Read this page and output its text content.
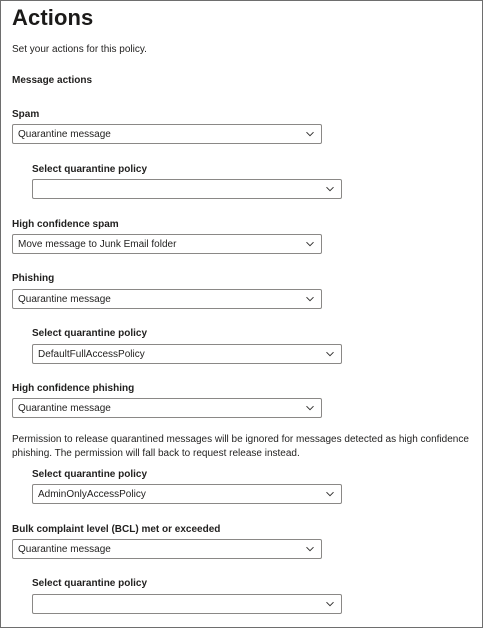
Actions
Set your actions for this policy.
Message actions
Spam
Quarantine message
Select quarantine policy
High confidence spam
Move message to Junk Email folder
Phishing
Quarantine message
Select quarantine policy
DefaultFullAccessPolicy
High confidence phishing
Quarantine message
Permission to release quarantined messages will be ignored for messages detected as high confidence phishing. The permission will fall back to request release instead.
Select quarantine policy
AdminOnlyAccessPolicy
Bulk complaint level (BCL) met or exceeded
Quarantine message
Select quarantine policy
